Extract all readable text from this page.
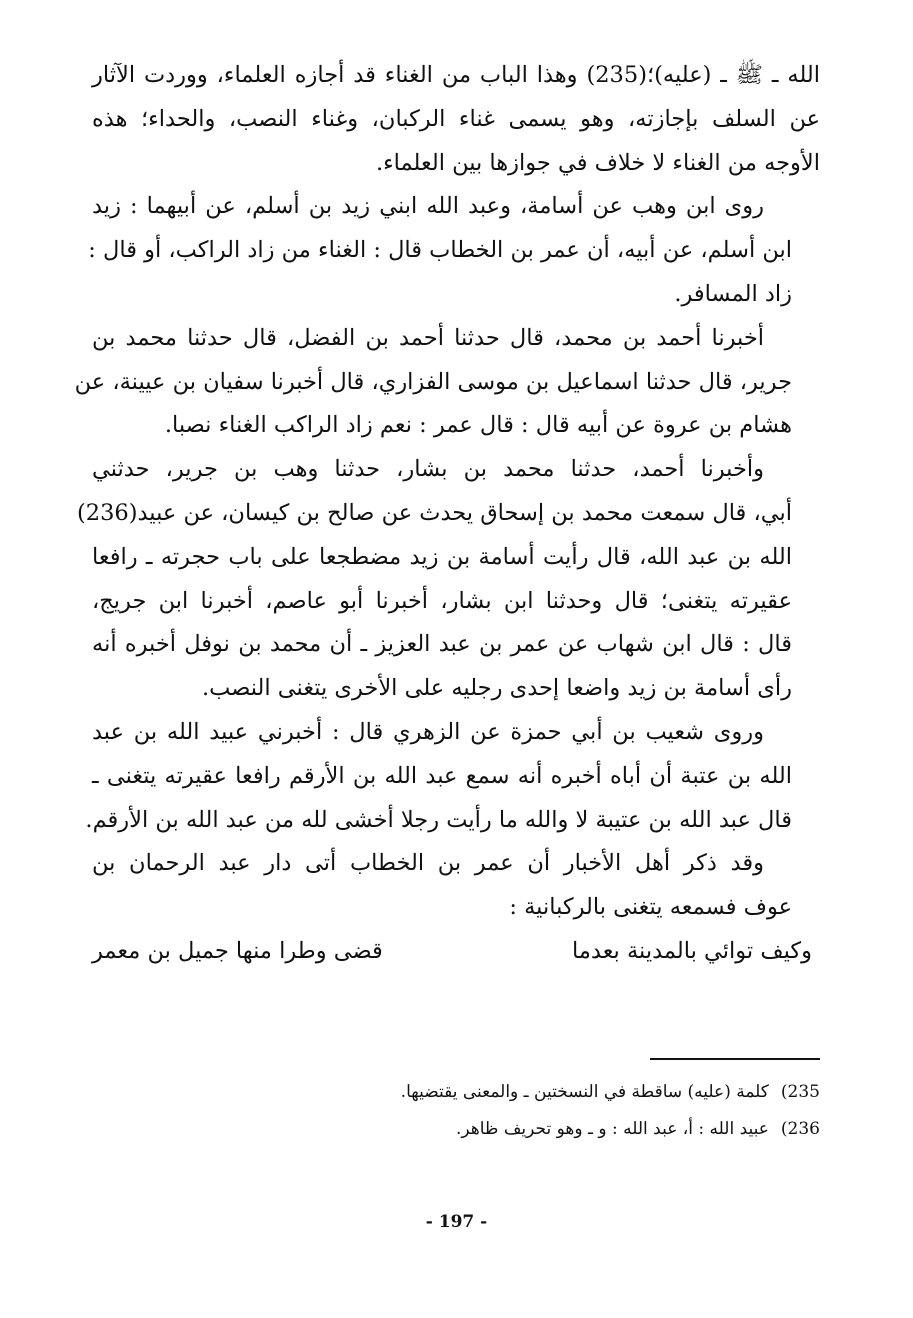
الله ـ ﷺ ـ (عليه)؛(235) وهذا الباب من الغناء قد أجازه العلماء، ووردت الآثار
عن السلف بإجازته، وهو يسمى غناء الركبان، وغناء النصب، والحداء؛ هذه
الأوجه من الغناء لا خلاف في جوازها بين العلماء.
روى ابن وهب عن أسامة، وعبد الله ابني زيد بن أسلم، عن أبيهما : زيد
ابن أسلم، عن أبيه، أن عمر بن الخطاب قال : الغناء من زاد الراكب، أو قال :
زاد المسافر.
أخبرنا أحمد بن محمد، قال حدثنا أحمد بن الفضل، قال حدثنا محمد بن
جرير، قال حدثنا اسماعيل بن موسى الفزاري، قال أخبرنا سفيان بن عيينة، عن
هشام بن عروة عن أبيه قال : قال عمر : نعم زاد الراكب الغناء نصبا.
وأخبرنا أحمد، حدثنا محمد بن بشار، حدثنا وهب بن جرير، حدثني
أبي، قال سمعت محمد بن إسحاق يحدث عن صالح بن كيسان، عن عبيد(236)
الله بن عبد الله، قال رأيت أسامة بن زيد مضطجعا على باب حجرته ـ رافعا
عقيرته يتغنى؛ قال وحدثنا ابن بشار، أخبرنا أبو عاصم، أخبرنا ابن جريج،
قال : قال ابن شهاب عن عمر بن عبد العزيز ـ أن محمد بن نوفل أخبره أنه
رأى أسامة بن زيد واضعا إحدى رجليه على الأخرى يتغنى النصب.
وروى شعيب بن أبي حمزة عن الزهري قال : أخبرني عبيد الله بن عبد
الله بن عتبة أن أباه أخبره أنه سمع عبد الله بن الأرقم رافعا عقيرته يتغنى ـ
قال عبد الله بن عتيبة لا والله ما رأيت رجلا أخشى لله من عبد الله بن الأرقم.
وقد ذكر أهل الأخبار أن عمر بن الخطاب أتى دار عبد الرحمان بن
عوف فسمعه يتغنى بالركبانية :
وكيف توائي بالمدينة بعدما
قضى وطرا منها جميل بن معمر
235)كلمة (عليه) ساقطة في النسختين ـ والمعنى يقتضيها.
236)عبيد الله : أ، عبد الله : و ـ وهو تحريف ظاهر.
- 197 -
